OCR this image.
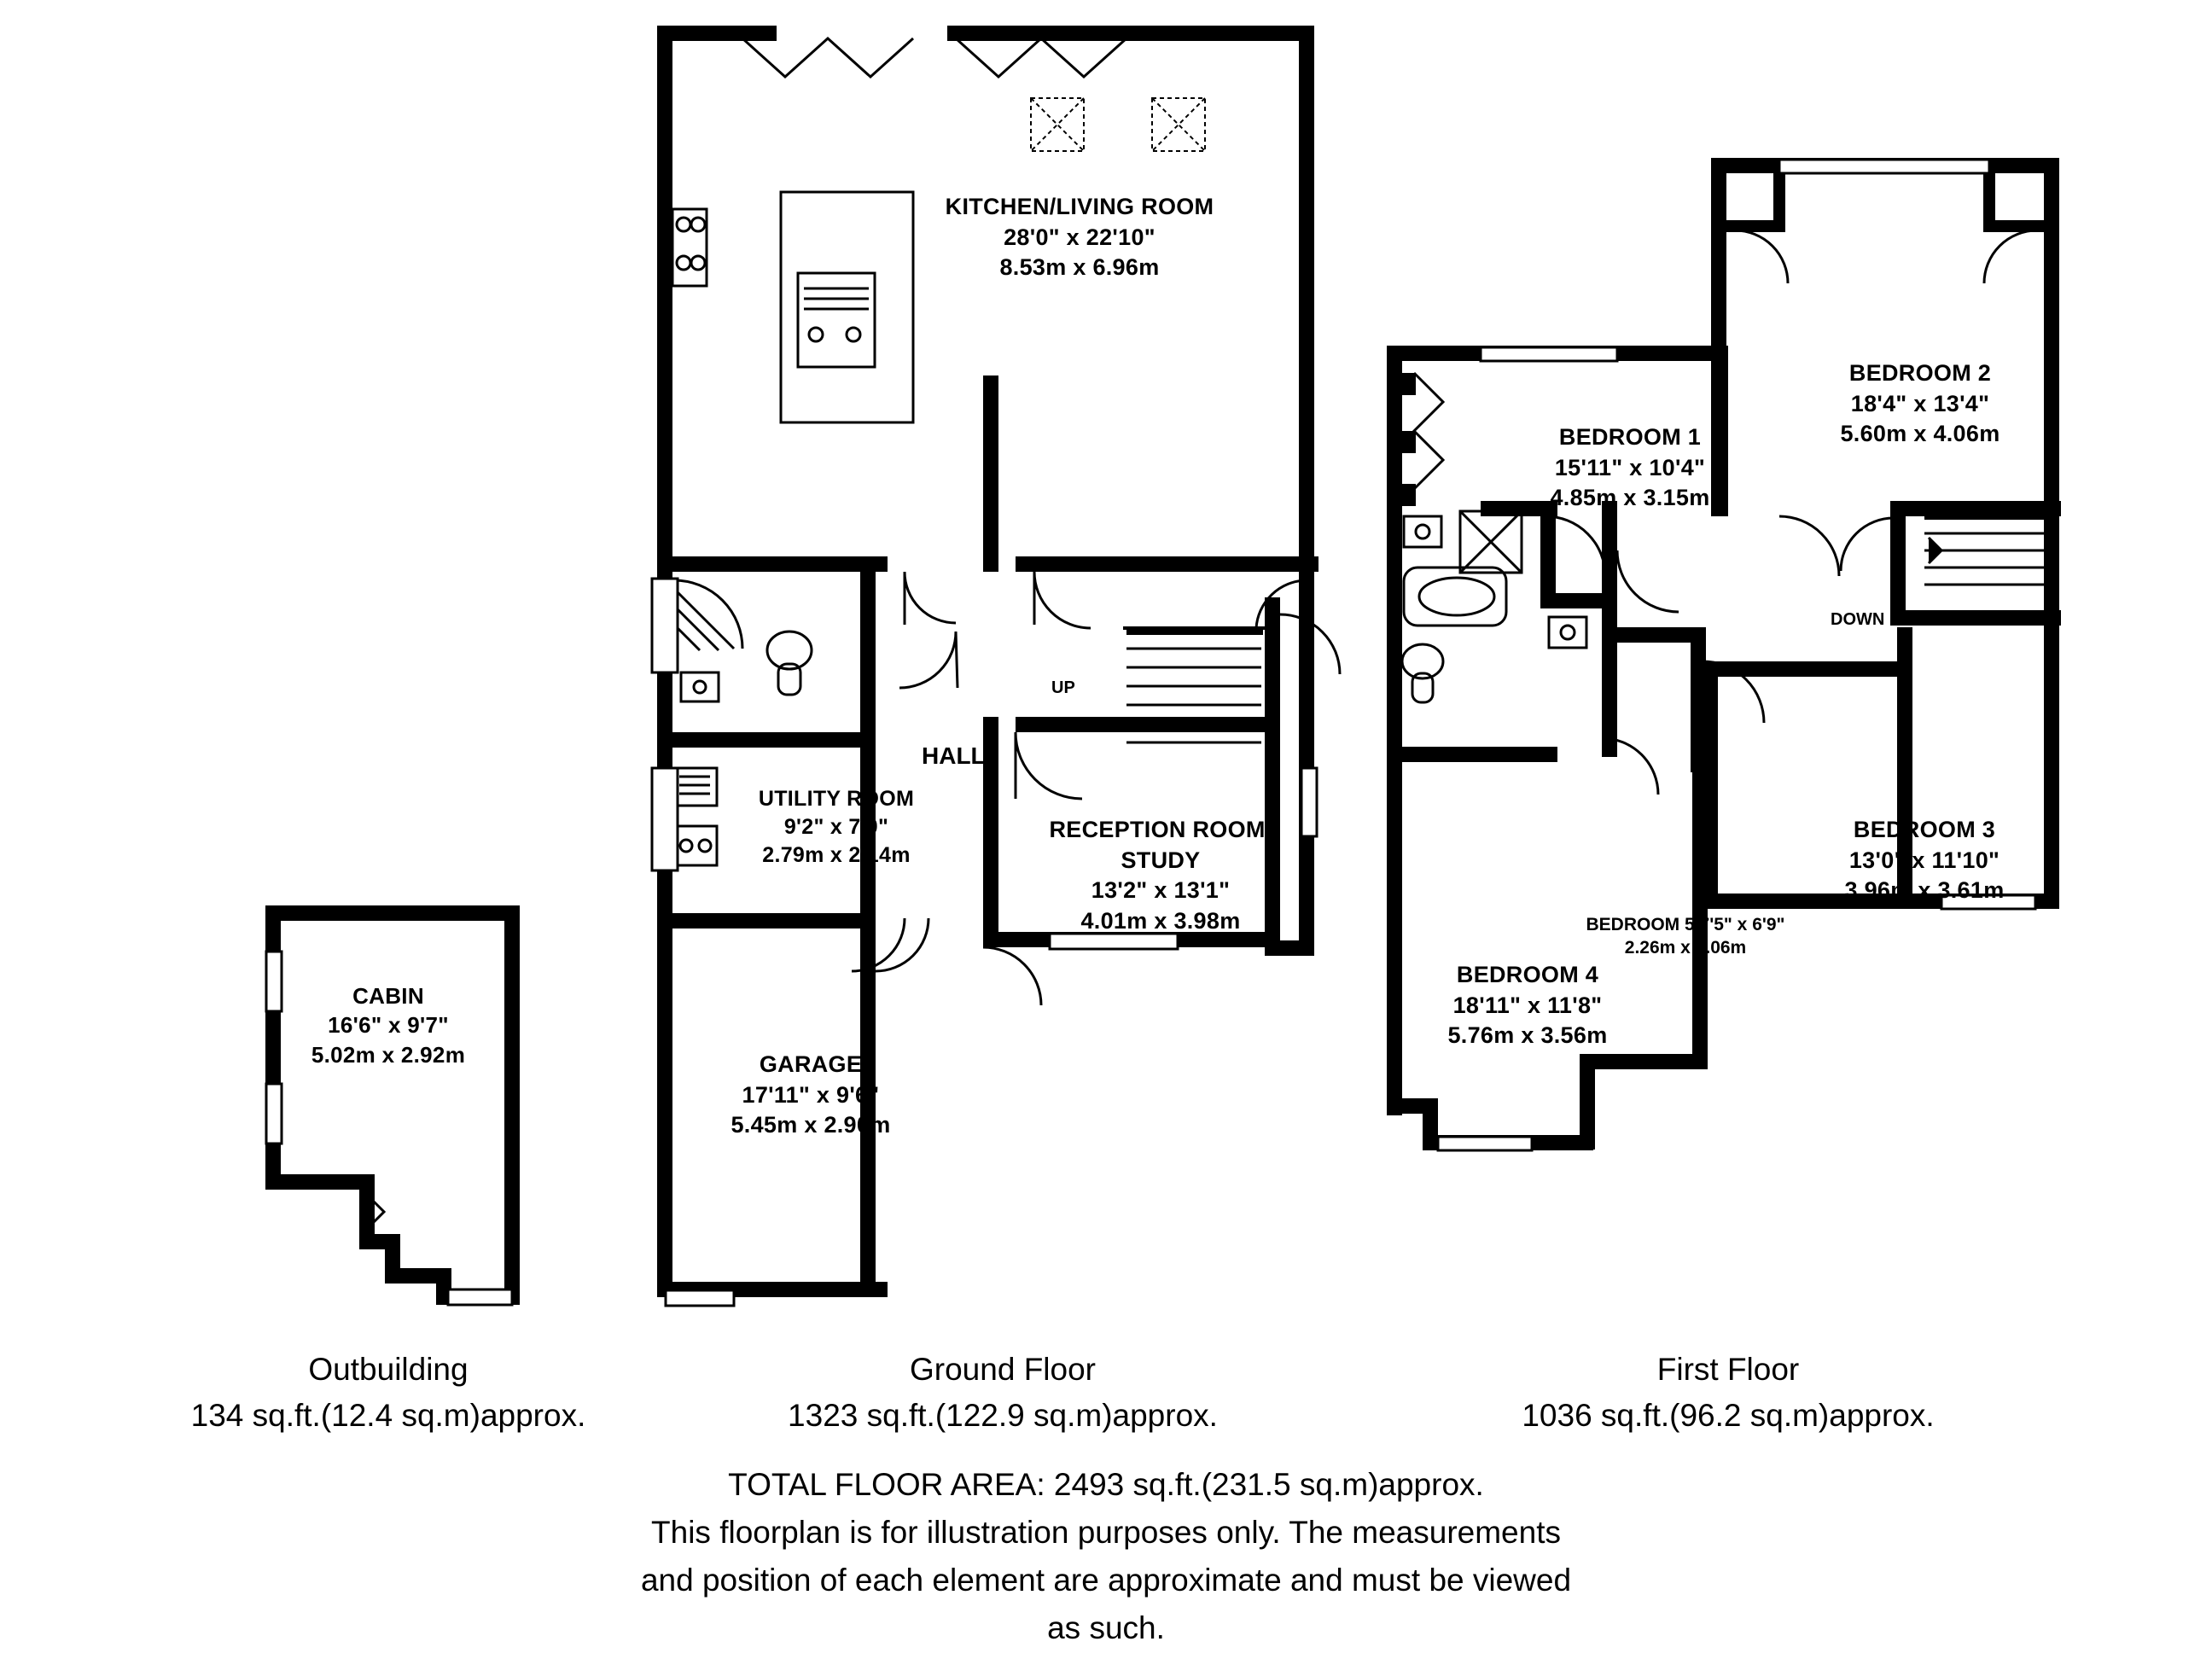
CABIN
16'6" x 9'7"
5.02m x 2.92m
KITCHEN/LIVING ROOM
28'0" x 22'10"
8.53m x 6.96m
HALL
UTILITY ROOM
9'2" x 7'0"
2.79m x 2.14m
RECEPTION ROOM/ STUDY
13'2" x 13'1"
4.01m x 3.98m
GARAGE
17'11" x 9'6"
5.45m x 2.90m
UP
BEDROOM 1
15'11" x 10'4"
4.85m x 3.15m
BEDROOM 2
18'4" x 13'4"
5.60m x 4.06m
BEDROOM 3
13'0" x 11'10"
3.96m x 3.61m
BEDROOM 4
18'11" x 11'8"
5.76m x 3.56m
BEDROOM 5 7'5" x 6'9" 2.26m x 2.06m
DOWN
Outbuilding
134 sq.ft.(12.4 sq.m)approx.
Ground Floor
1323 sq.ft.(122.9 sq.m)approx.
First Floor
1036 sq.ft.(96.2 sq.m)approx.
TOTAL FLOOR AREA: 2493 sq.ft.(231.5 sq.m)approx.
This floorplan is for illustration purposes only. The measurements
and position of each element are approximate and must be viewed
as such.
